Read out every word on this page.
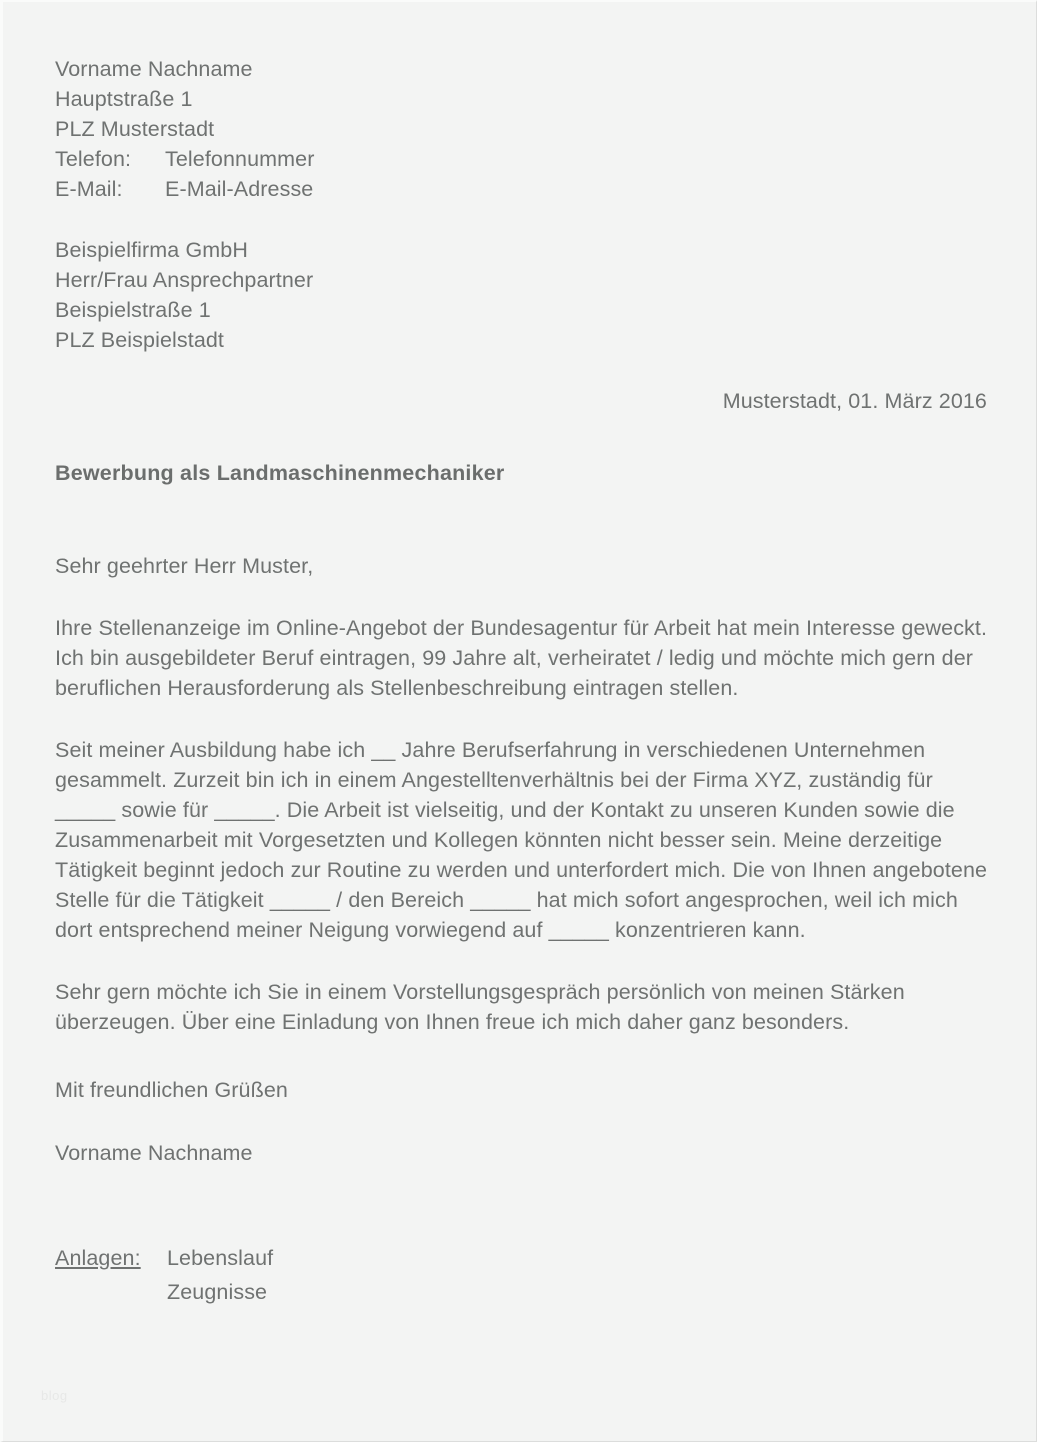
Vorname Nachname
Hauptstraße 1
PLZ Musterstadt
Telefon: Telefonnummer
E-Mail: E-Mail-Adresse
Beispielfirma GmbH
Herr/Frau Ansprechpartner
Beispielstraße 1
PLZ Beispielstadt
Musterstadt, 01. März 2016
Bewerbung als Landmaschinenmechaniker
Sehr geehrter Herr Muster,
Ihre Stellenanzeige im Online-Angebot der Bundesagentur für Arbeit hat mein Interesse geweckt. Ich bin ausgebildeter Beruf eintragen, 99 Jahre alt, verheiratet / ledig und möchte mich gern der beruflichen Herausforderung als Stellenbeschreibung eintragen stellen.
Seit meiner Ausbildung habe ich __ Jahre Berufserfahrung in verschiedenen Unternehmen gesammelt. Zurzeit bin ich in einem Angestelltenverhältnis bei der Firma XYZ, zuständig für _____ sowie für _____. Die Arbeit ist vielseitig, und der Kontakt zu unseren Kunden sowie die Zusammenarbeit mit Vorgesetzten und Kollegen könnten nicht besser sein. Meine derzeitige Tätigkeit beginnt jedoch zur Routine zu werden und unterfordert mich. Die von Ihnen angebotene Stelle für die Tätigkeit _____ / den Bereich _____ hat mich sofort angesprochen, weil ich mich dort entsprechend meiner Neigung vorwiegend auf _____ konzentrieren kann.
Sehr gern möchte ich Sie in einem Vorstellungsgespräch persönlich von meinen Stärken überzeugen. Über eine Einladung von Ihnen freue ich mich daher ganz besonders.
Mit freundlichen Grüßen
Vorname Nachname
Anlagen: Lebenslauf
Zeugnisse
blog
